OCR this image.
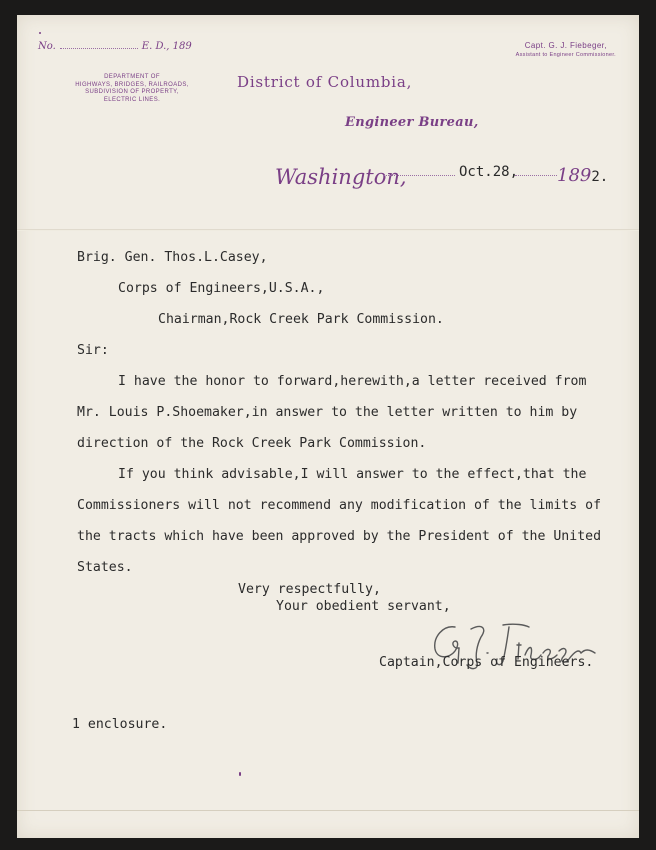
No.	E. D., 189	Capt. G. J. Fiebeger,
Assistant to Engineer Commissioner.
DEPARTMENT OF
HIGHWAYS, BRIDGES, RAILROADS,
SUBDIVISION OF PROPERTY,
ELECTRIC LINES.
District of Columbia,
Engineer Bureau,
Washington,	Oct.28, 1892.
Brig. Gen. Thos.L.Casey,
Corps of Engineers,U.S.A.,
Chairman,Rock Creek Park Commission.
Sir:
I have the honor to forward,herewith,a letter received from
Mr. Louis P.Shoemaker,in answer to the letter written to him by
direction of the Rock Creek Park Commission.
If you think advisable,I will answer to the effect,that the
Commissioners will not recommend any modification of the limits of
the tracts which have been approved by the President of the United
States.
Very respectfully,
Your obedient servant,
Captain,Corps of Engineers.
1 enclosure.
